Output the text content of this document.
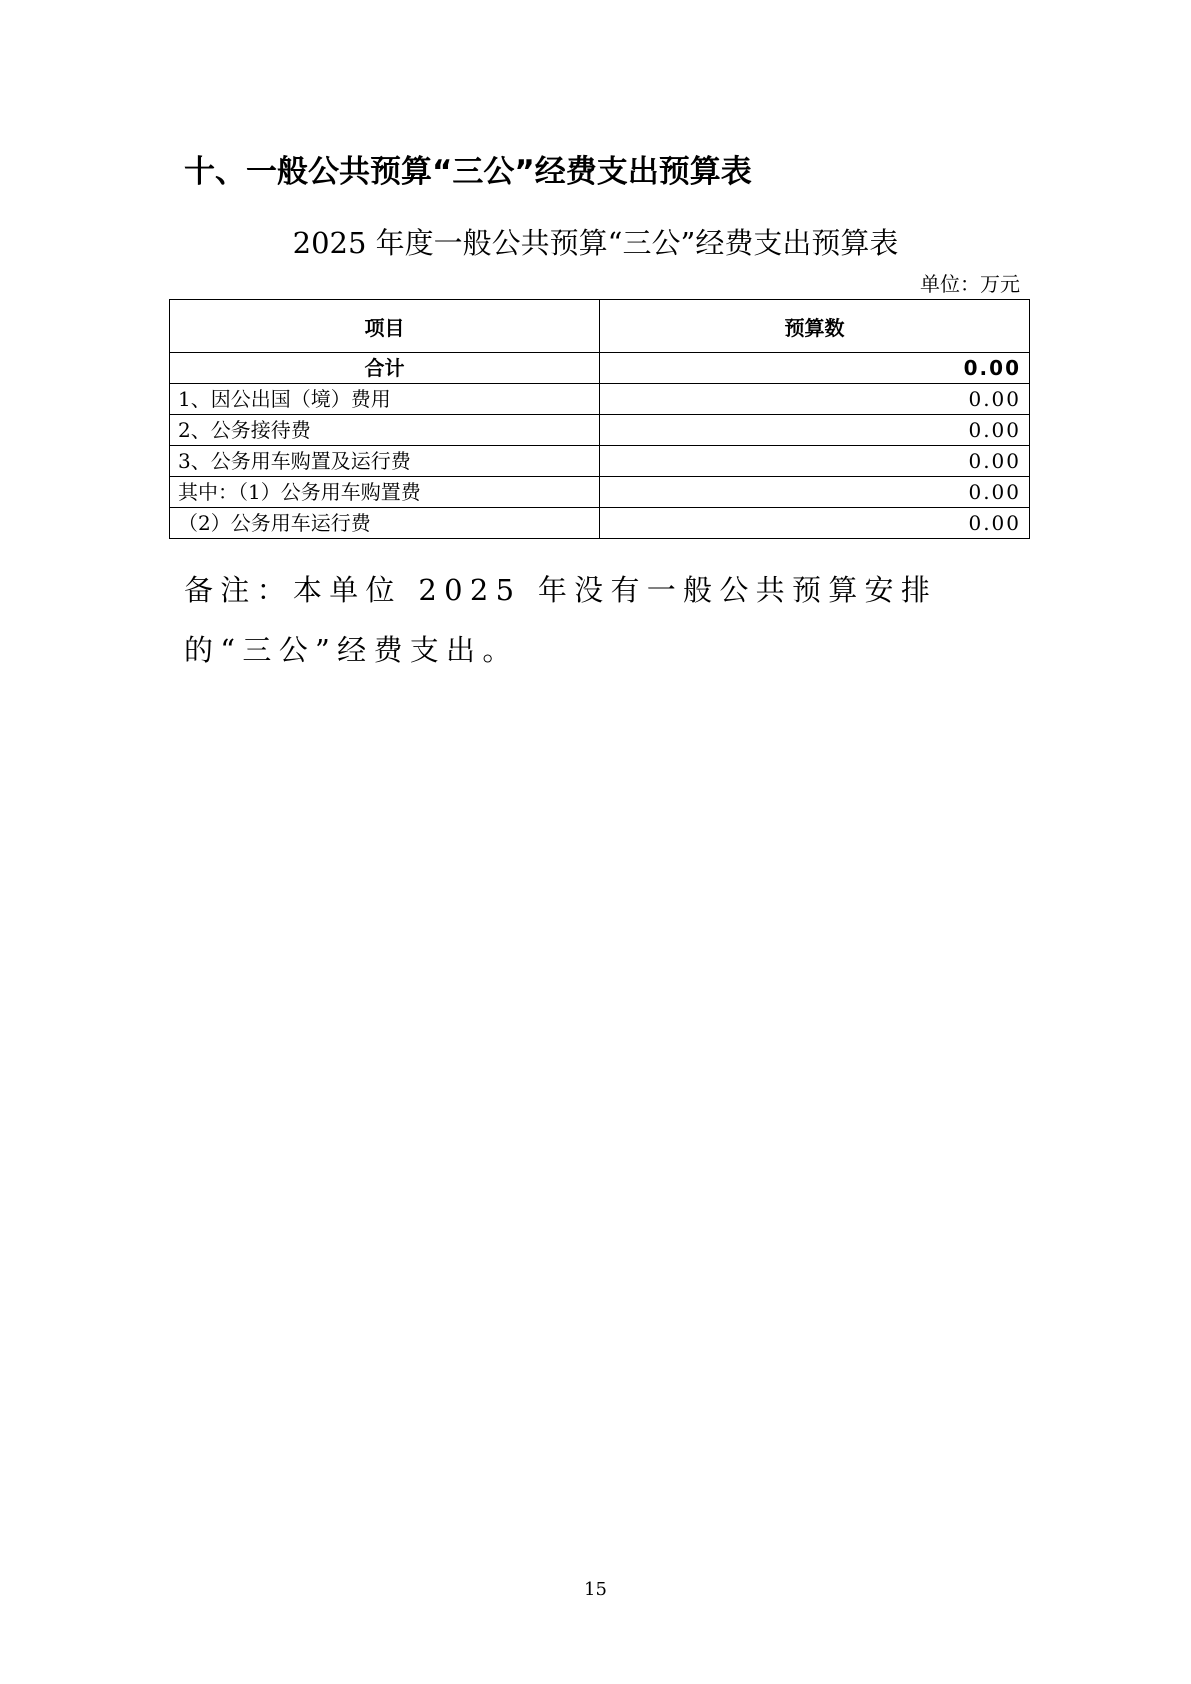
十、一般公共预算“三公”经费支出预算表
2025 年度一般公共预算“三公”经费支出预算表
单位：万元
项目	预算数
合计	0.00
1、因公出国（境）费用	0.00
2、公务接待费	0.00
3、公务用车购置及运行费	0.00
其中：（1）公务用车购置费	0.00
（2）公务用车运行费	0.00

备注：本单位 2025 年没有一般公共预算安排的“三公”经费支出。

15
